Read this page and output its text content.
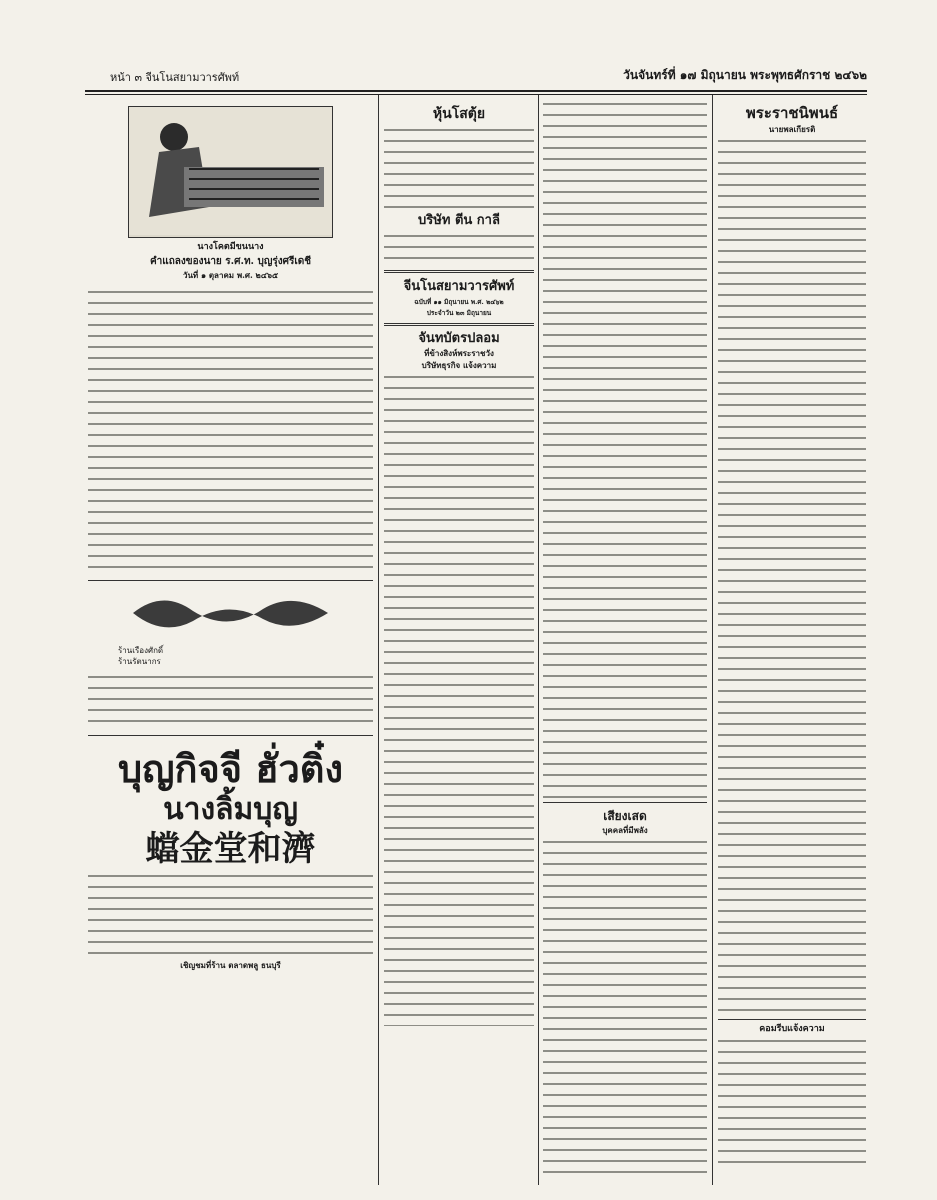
หน้า ๓ จีนโนสยามวารศัพท์	วันจันทร์ที่ ๑๗ มิถุนายน พระพุทธศักราช ๒๔๖๒
นางโคตมีขนนาง
คำแถลงของนาย ร.ศ.ท. บุญรุ่งศรีเดชี
วันที่ ๑ ตุลาคม พ.ศ. ๒๔๖๕
ร้านเรืองศักดิ์
ร้านรัตนากร
บุญกิจจี ฮั่วติ๋ง
นางลิ้มบุญ
蟷金堂和濟
เชิญชมที่ร้าน ตลาดพลู ธนบุรี
หุ้นโสตุ้ย
บริษัท ตีน กาลี
จีนโนสยามวารศัพท์
ฉบับที่ ๑๑ มิถุนายน พ.ศ. ๒๔๖๒
ประจำวัน ๒๓ มิถุนายน
จันทบัตรปลอม
ที่ข้างสิงห์พระราชวัง
บริษัทธุรกิจ แจ้งความ
เสียงเสด
บุคคลที่มีพลัง
พระราชนิพนธ์
นายพลเกียรติ
คอมรีบแจ้งความ
